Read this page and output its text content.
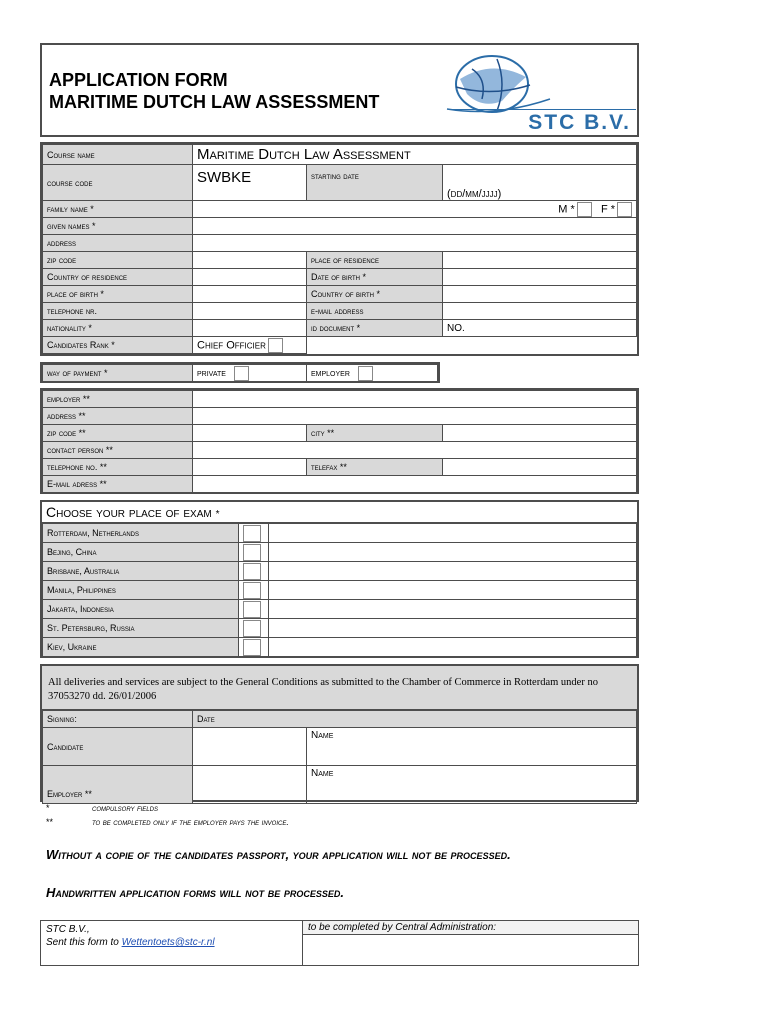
APPLICATION FORM
MARITIME DUTCH LAW ASSESSMENT
STC B.V.
Course name	Maritime Dutch Law Assessment		
course code	SWBKE	starting date	(dd/mm/jjjj)
family name *	M * F *		
given names *			
address			
zip code		place of residence	
Country of residence		Date of birth *	
place of birth *		Country of birth *	
telephone nr.		e-mail address	
nationality *		id document *	NO.
Candidates Rank *	Chief Officier		
way of payment *	private	employer
employer **			
address **			
zip code **		city **	
contact person **			
telephone no. **		telefax **	
E-mail adress **			
Choose your place of exam *
Rotterdam, Netherlands		
Bejing, China		
Brisbane, Australia		
Manila, Philippines		
Jakarta, Indonesia		
St. Petersburg, Russia		
Kiev, Ukraine		
All deliveries and services are subject to the General Conditions as submitted to the Chamber of Commerce in Rotterdam under no 37053270 dd. 26/01/2006
Signing:	Date	
Candidate		Name
Employer **		Name
*	compulsory fields
**	to be completed only if the employer pays the invoice.
Without a copie of the candidates passport, your application will not be processed.
Handwritten application forms will not be processed.
STC B.V.,
Sent this form to Wettentoets@stc-r.nl
to be completed by Central Administration:
